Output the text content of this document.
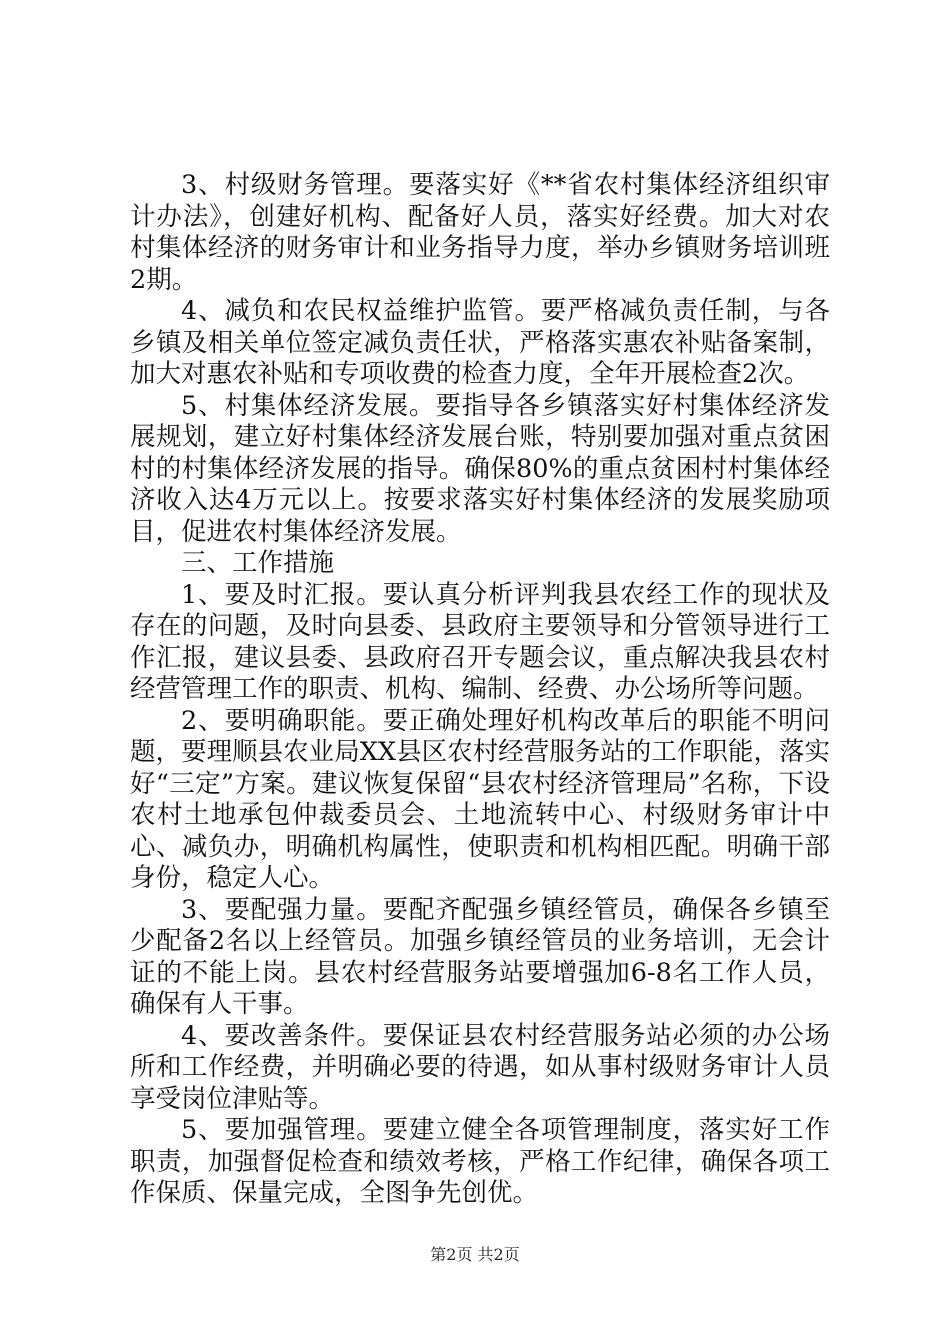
3、村级财务管理。要落实好《**省农村集体经济组织审计办法》，创建好机构、配备好人员，落实好经费。加大对农村集体经济的财务审计和业务指导力度，举办乡镇财务培训班2期。

4、减负和农民权益维护监管。要严格减负责任制，与各乡镇及相关单位签定减负责任状，严格落实惠农补贴备案制，加大对惠农补贴和专项收费的检查力度，全年开展检查2次。

5、村集体经济发展。要指导各乡镇落实好村集体经济发展规划，建立好村集体经济发展台账，特别要加强对重点贫困村的村集体经济发展的指导。确保80%的重点贫困村村集体经济收入达4万元以上。按要求落实好村集体经济的发展奖励项目，促进农村集体经济发展。

三、工作措施

1、要及时汇报。要认真分析评判我县农经工作的现状及存在的问题，及时向县委、县政府主要领导和分管领导进行工作汇报，建议县委、县政府召开专题会议，重点解决我县农村经营管理工作的职责、机构、编制、经费、办公场所等问题。

2、要明确职能。要正确处理好机构改革后的职能不明问题，要理顺县农业局XX县区农村经营服务站的工作职能，落实好“三定”方案。建议恢复保留“县农村经济管理局”名称，下设农村土地承包仲裁委员会、土地流转中心、村级财务审计中心、减负办，明确机构属性，使职责和机构相匹配。明确干部身份，稳定人心。

3、要配强力量。要配齐配强乡镇经管员，确保各乡镇至少配备2名以上经管员。加强乡镇经管员的业务培训，无会计证的不能上岗。县农村经营服务站要增强加6-8名工作人员，确保有人干事。

4、要改善条件。要保证县农村经营服务站必须的办公场所和工作经费，并明确必要的待遇，如从事村级财务审计人员享受岗位津贴等。

5、要加强管理。要建立健全各项管理制度，落实好工作职责，加强督促检查和绩效考核，严格工作纪律，确保各项工作保质、保量完成，全图争先创优。

第2页 共2页
